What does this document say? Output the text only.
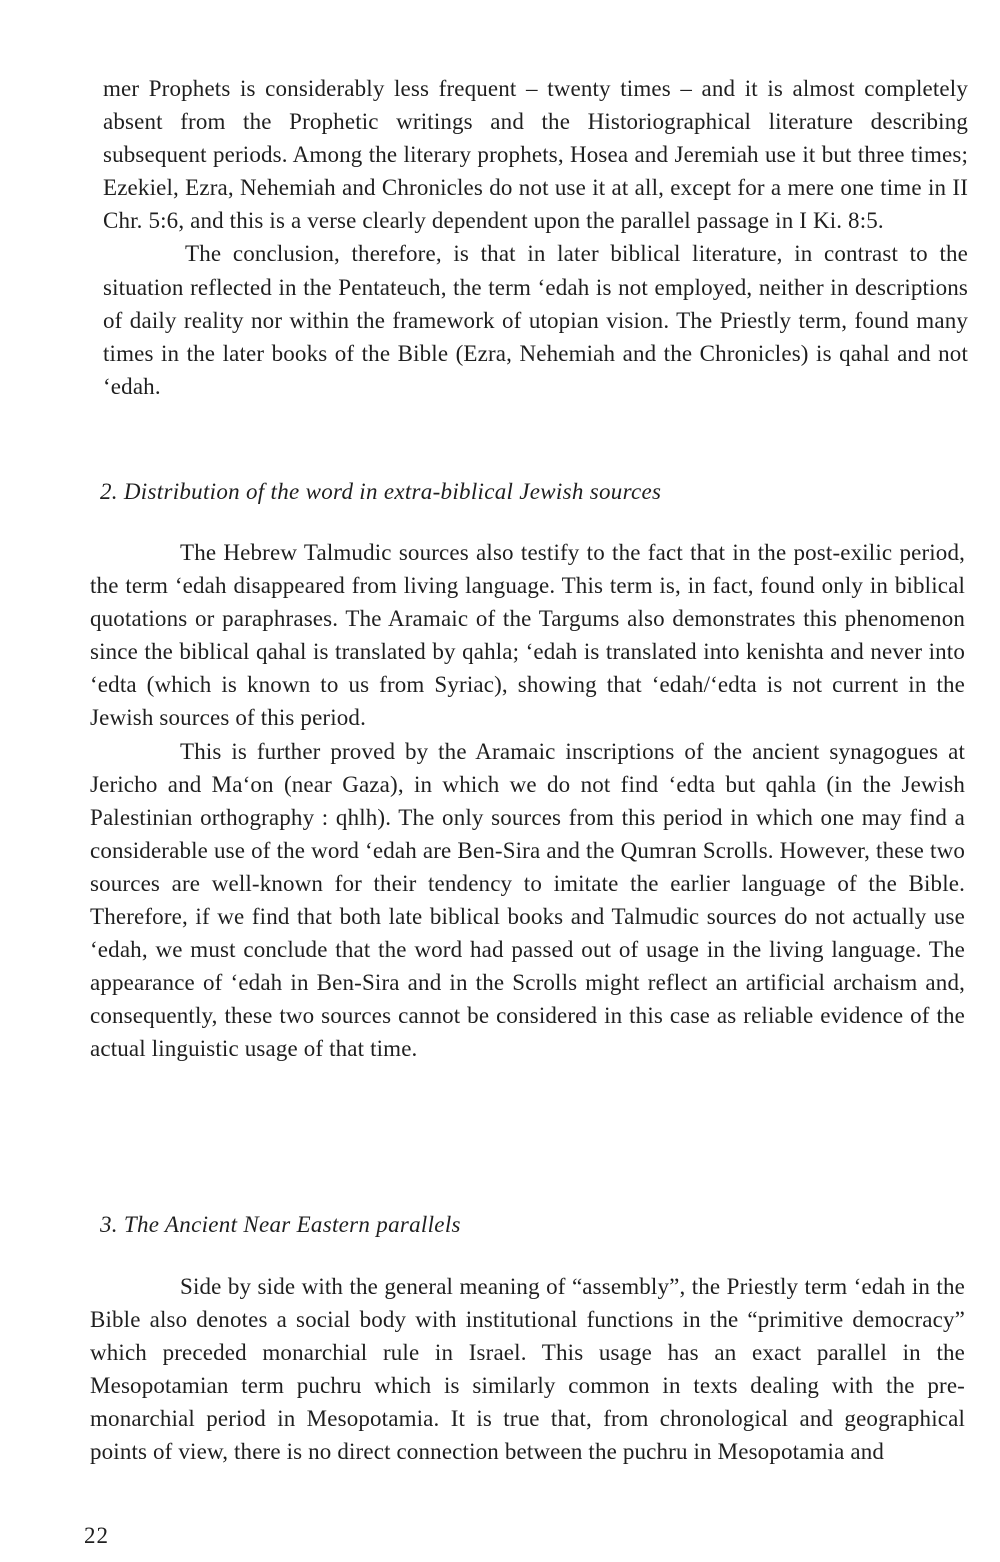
mer Prophets is considerably less frequent – twenty times – and it is almost completely absent from the Prophetic writings and the Historiographical literature describing subsequent periods. Among the literary prophets, Hosea and Jeremiah use it but three times; Ezekiel, Ezra, Nehemiah and Chronicles do not use it at all, except for a mere one time in II Chr. 5:6, and this is a verse clearly dependent upon the parallel passage in I Ki. 8:5.

The conclusion, therefore, is that in later biblical literature, in contrast to the situation reflected in the Pentateuch, the term ‘edah is not employed, neither in descriptions of daily reality nor within the framework of utopian vision. The Priestly term, found many times in the later books of the Bible (Ezra, Nehemiah and the Chronicles) is qahal and not ‘edah.

2. Distribution of the word in extra-biblical Jewish sources

The Hebrew Talmudic sources also testify to the fact that in the post-exilic period, the term ‘edah disappeared from living language. This term is, in fact, found only in biblical quotations or paraphrases. The Aramaic of the Targums also demonstrates this phenomenon since the biblical qahal is translated by qahla; ‘edah is translated into kenishta and never into ‘edta (which is known to us from Syriac), showing that ‘edah/‘edta is not current in the Jewish sources of this period.

This is further proved by the Aramaic inscriptions of the ancient synagogues at Jericho and Ma‘on (near Gaza), in which we do not find ‘edta but qahla (in the Jewish Palestinian orthography : qhlh). The only sources from this period in which one may find a considerable use of the word ‘edah are Ben-Sira and the Qumran Scrolls. However, these two sources are well-known for their tendency to imitate the earlier language of the Bible. Therefore, if we find that both late biblical books and Talmudic sources do not actually use ‘edah, we must conclude that the word had passed out of usage in the living language. The appearance of ‘edah in Ben-Sira and in the Scrolls might reflect an artificial archaism and, consequently, these two sources cannot be considered in this case as reliable evidence of the actual linguistic usage of that time.

3. The Ancient Near Eastern parallels

Side by side with the general meaning of “assembly”, the Priestly term ‘edah in the Bible also denotes a social body with institutional functions in the “primitive democracy” which preceded monarchial rule in Israel. This usage has an exact parallel in the Mesopotamian term puchru which is similarly common in texts dealing with the pre-monarchial period in Mesopotamia. It is true that, from chronological and geographical points of view, there is no direct connection between the puchru in Mesopotamia and

22
